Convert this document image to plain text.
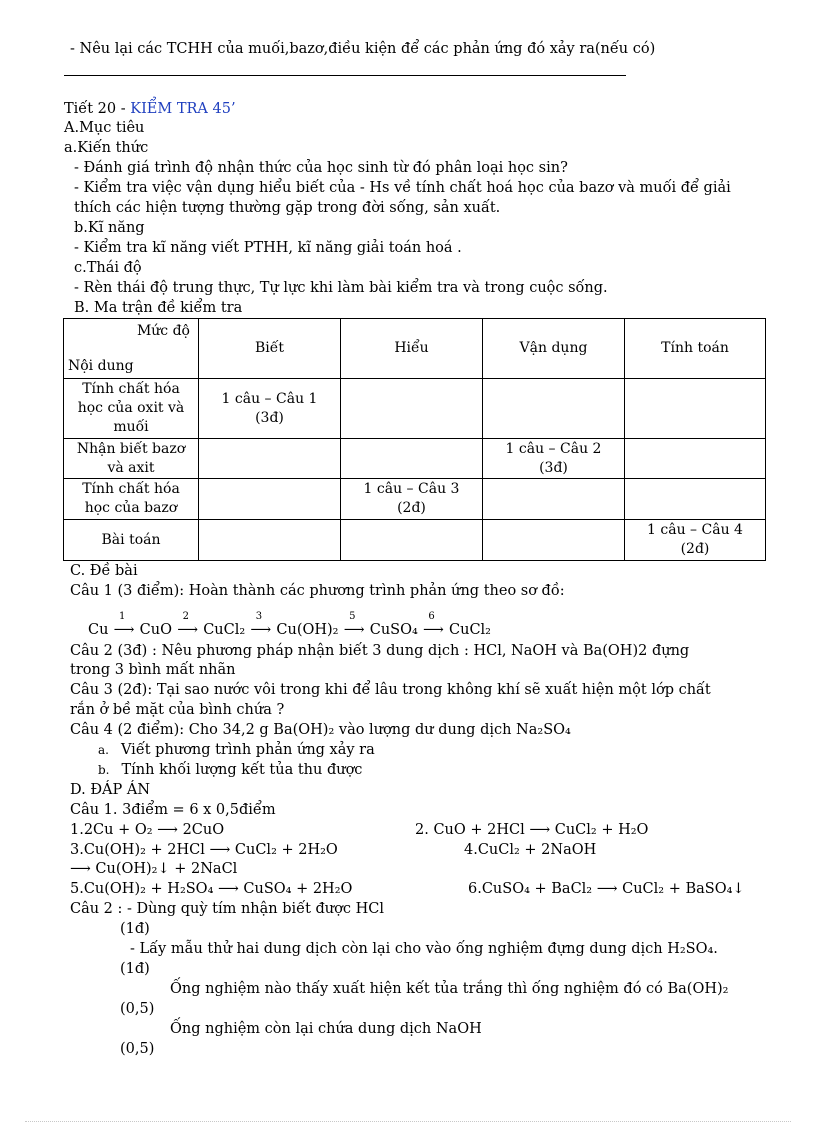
- Nêu lại các TCHH của muối,bazơ,điều kiện để các phản ứng đó xảy ra(nếu có)
Tiết 20 - KIỂM TRA 45’
A.Mục tiêu
a.Kiến thức
- Đánh giá trình độ nhận thức của học sinh từ đó phân loại học sin?
- Kiểm tra việc vận dụng hiểu biết của - Hs về tính chất hoá học của bazơ và muối để giải
thích các hiện tượng thường gặp trong đời sống, sản xuất.
b.Kĩ năng
- Kiểm tra kĩ năng viết PTHH, kĩ năng giải toán hoá .
c.Thái độ
- Rèn thái độ trung thực, Tự lực khi làm bài kiểm tra và trong cuộc sống.
B. Ma trận đề kiểm tra
Mức độ
Nội dung	Biết	Hiểu	Vận dụng	Tính toán
Tính chất hóa
học của oxit và
muối	1 câu – Câu 1
(3đ)			
Nhận biết bazơ
và axit			1 câu – Câu 2
(3đ)	
Tính chất hóa
học của bazơ		1 câu – Câu 3
(2đ)		
Bài toán				1 câu – Câu 4
(2đ)
C. Đề bài
Câu 1 (3 điểm): Hoàn thành các phương trình phản ứng theo sơ đồ:
Cu
1
⟶ CuO
2
⟶ CuCl₂
3
⟶ Cu(OH)₂
5
⟶ CuSO₄
6
⟶ CuCl₂
Câu 2 (3đ) : Nêu phương pháp nhận biết 3 dung dịch : HCl, NaOH và Ba(OH)2 đựng
trong 3 bình mất nhãn
Câu 3 (2đ): Tại sao nước vôi trong khi để lâu trong không khí sẽ xuất hiện một lớp chất
rắn ở bề mặt của bình chứa ?
Câu 4 (2 điểm): Cho 34,2 g Ba(OH)₂ vào lượng dư dung dịch Na₂SO₄
a. Viết phương trình phản ứng xảy ra
b. Tính khối lượng kết tủa thu được
D. ĐÁP ÁN
Câu 1. 3điểm = 6 x 0,5điểm
1.2Cu + O₂ ⟶ 2CuO	2. CuO + 2HCl ⟶ CuCl₂ + H₂O
3.Cu(OH)₂ + 2HCl ⟶ CuCl₂ + 2H₂O	4.CuCl₂ + 2NaOH
⟶ Cu(OH)₂↓ + 2NaCl
5.Cu(OH)₂ + H₂SO₄ ⟶ CuSO₄ + 2H₂O	6.CuSO₄ + BaCl₂ ⟶ CuCl₂ + BaSO₄↓
Câu 2 : - Dùng quỳ tím nhận biết được HCl
(1đ)
- Lấy mẫu thử hai dung dịch còn lại cho vào ống nghiệm đựng dung dịch H₂SO₄.
(1đ)
Ống nghiệm nào thấy xuất hiện kết tủa trắng thì ống nghiệm đó có Ba(OH)₂
(0,5)
Ống nghiệm còn lại chứa dung dịch NaOH
(0,5)
